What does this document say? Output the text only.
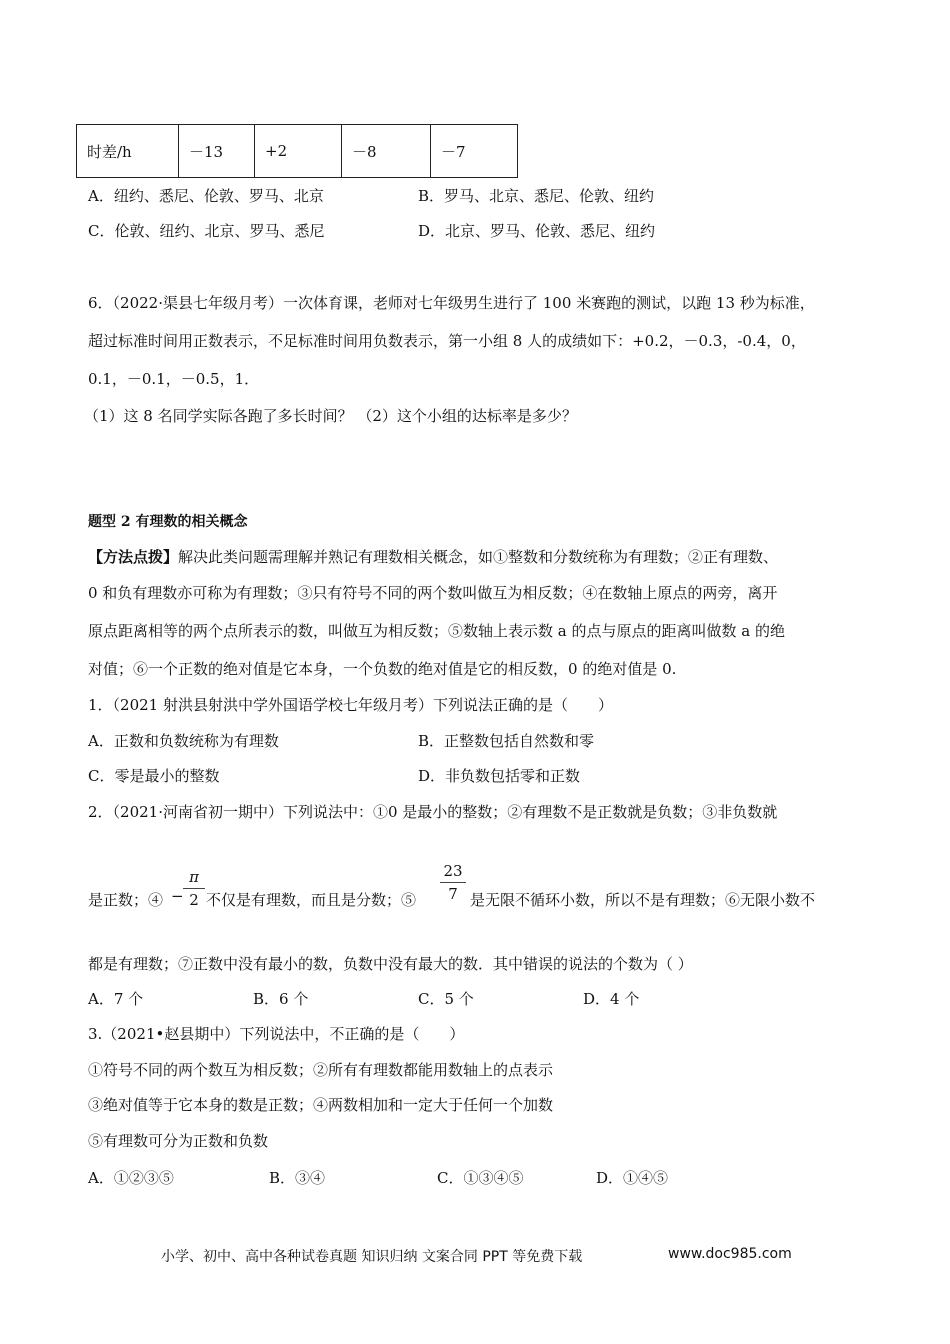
时差/h	－13	+2	－8	－7
A．纽约、悉尼、伦敦、罗马、北京	B．罗马、北京、悉尼、伦敦、纽约
C．伦敦、纽约、北京、罗马、悉尼	D．北京、罗马、伦敦、悉尼、纽约
6．（2022·渠县七年级月考）一次体育课，老师对七年级男生进行了 100 米赛跑的测试，以跑 13 秒为标准，
超过标准时间用正数表示，不足标准时间用负数表示，第一小组 8 人的成绩如下：+0.2，－0.3，-0.4，0，
0.1，－0.1，－0.5，1．
（1）这 8 名同学实际各跑了多长时间？ （2）这个小组的达标率是多少？
题型 2 有理数的相关概念
【方法点拨】解决此类问题需理解并熟记有理数相关概念，如①整数和分数统称为有理数；②正有理数、
0 和负有理数亦可称为有理数；③只有符号不同的两个数叫做互为相反数；④在数轴上原点的两旁，离开
原点距离相等的两个点所表示的数，叫做互为相反数；⑤数轴上表示数 a 的点与原点的距离叫做数 a 的绝
对值；⑥一个正数的绝对值是它本身，一个负数的绝对值是它的相反数，0 的绝对值是 0.
1．（2021 射洪县射洪中学外国语学校七年级月考）下列说法正确的是（　　）
A．正数和负数统称为有理数	B．正整数包括自然数和零
C．零是最小的整数	D．非负数包括零和正数
2．（2021·河南省初一期中）下列说法中：①0 是最小的整数；②有理数不是正数就是负数；③非负数就
是正数；④ − $\frac{\pi}{2}$ 不仅是有理数，而且是分数；⑤ $\frac{23}{7}$ 是无限不循环小数，所以不是有理数；⑥无限小数不
都是有理数；⑦正数中没有最小的数，负数中没有最大的数．其中错误的说法的个数为（ ）
A．7 个	B．6 个	C．5 个	D．4 个
3.（2021•赵县期中）下列说法中，不正确的是（　　）
①符号不同的两个数互为相反数；②所有有理数都能用数轴上的点表示
③绝对值等于它本身的数是正数；④两数相加和一定大于任何一个加数
⑤有理数可分为正数和负数
A．①②③⑤	B．③④	C．①③④⑤	D．①④⑤
小学、初中、高中各种试卷真题 知识归纳 文案合同 PPT 等免费下载	www.doc985.com
